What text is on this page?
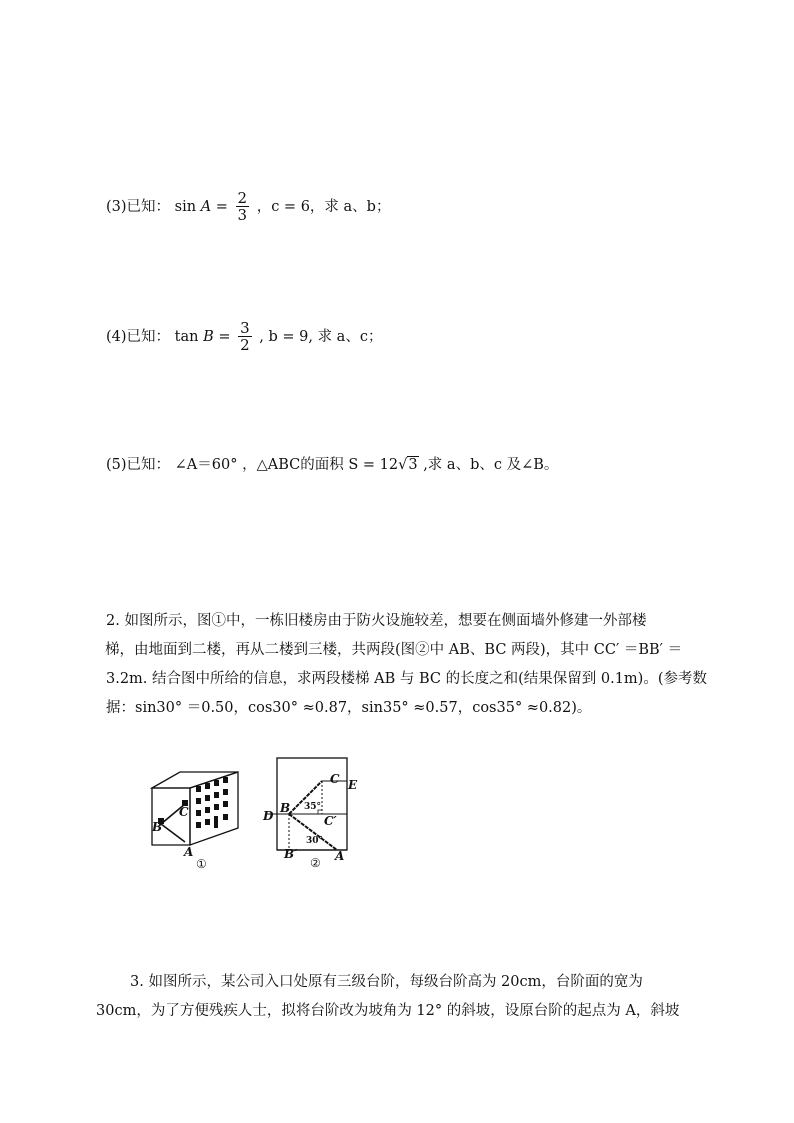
(3)已知： $\sin A = \frac{2}{3}$ ，c = 6，求 a、b；
(4)已知： $\tan B = \frac{3}{2}$ , b = 9, 求 a、c；
(5)已知： ∠A＝60° ，△ABC的面积 S = 12√3 ,求 a、b、c 及∠B。
2. 如图所示，图①中，一栋旧楼房由于防火设施较差，想要在侧面墙外修建一外部楼
梯，由地面到二楼，再从二楼到三楼，共两段(图②中 AB、BC 两段)，其中 CC′ ＝BB′ ＝
3.2m. 结合图中所给的信息，求两段楼梯 AB 与 BC 的长度之和(结果保留到 0.1m)。(参考数
据：sin30° ＝0.50，cos30° ≈0.87，sin35° ≈0.57，cos35° ≈0.82)。
C
B
A
①
C E
B 35°
D	C′
30°
B′	A
②
3. 如图所示，某公司入口处原有三级台阶，每级台阶高为 20cm，台阶面的宽为
30cm，为了方便残疾人士，拟将台阶改为坡角为 12° 的斜坡，设原台阶的起点为 A，斜坡
